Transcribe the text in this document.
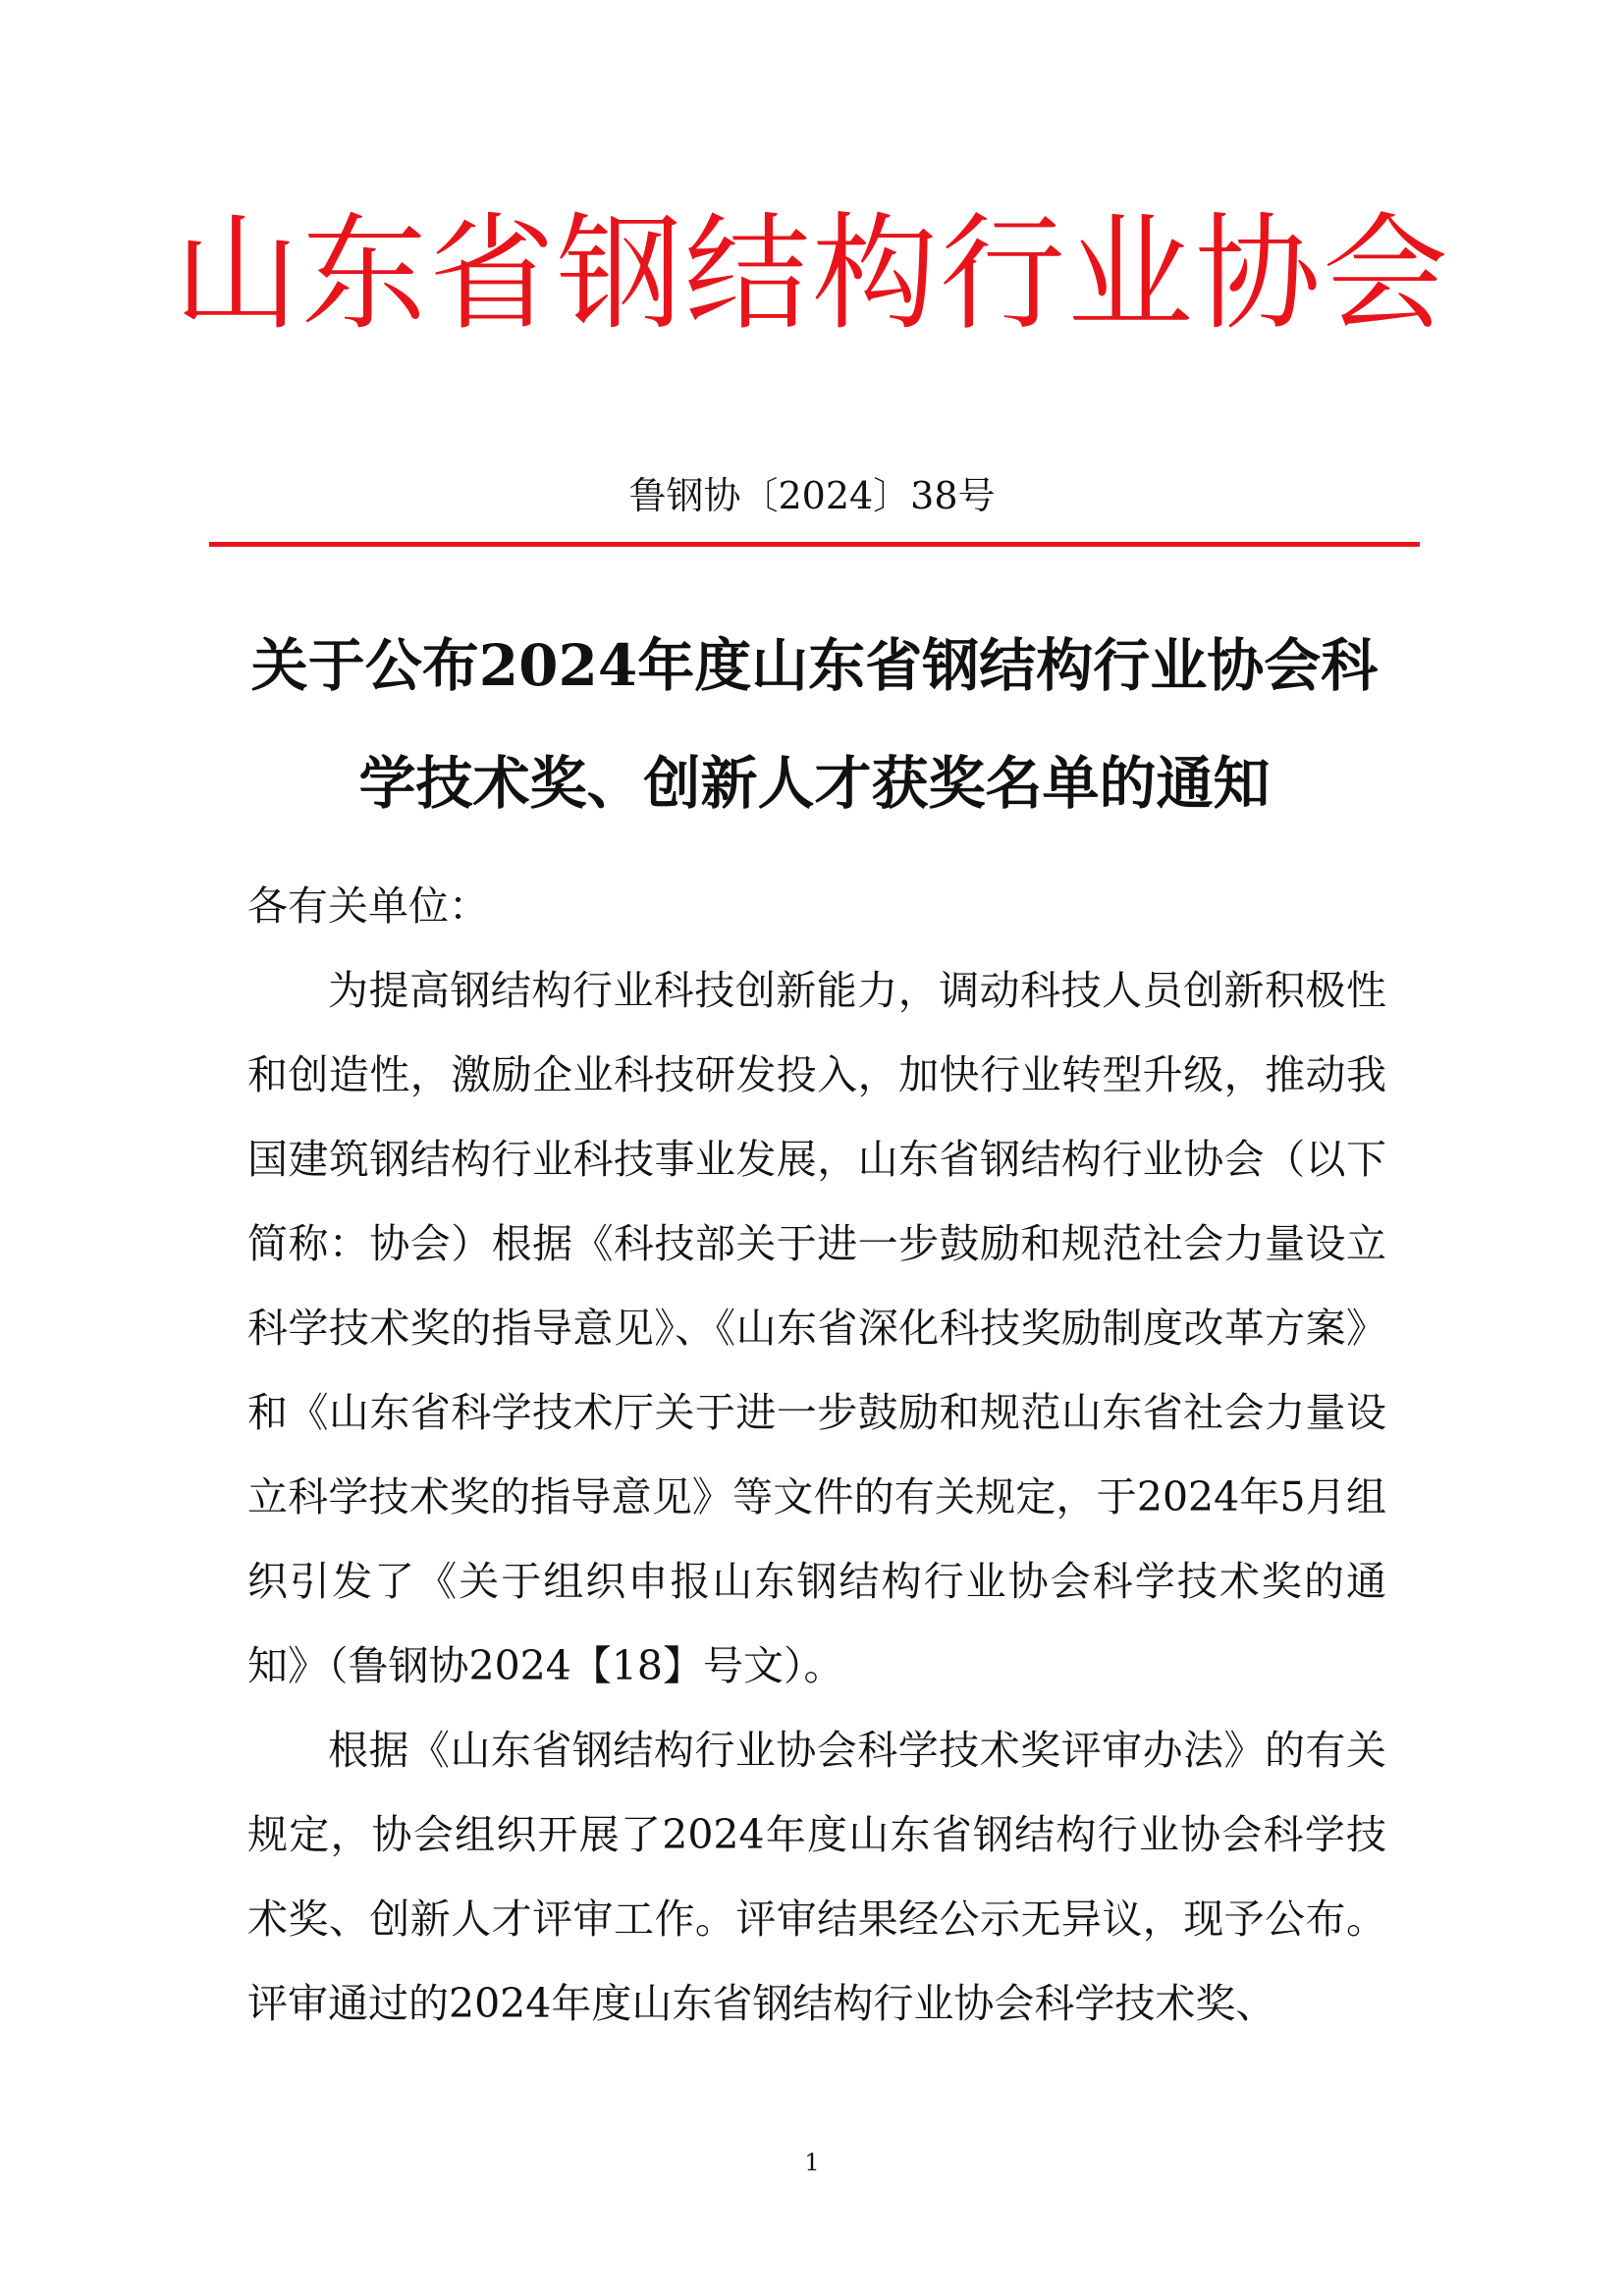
山东省钢结构行业协会
鲁钢协〔2024〕38号
关于公布2024年度山东省钢结构行业协会科
学技术奖、创新人才获奖名单的通知

各有关单位：

为提高钢结构行业科技创新能力，调动科技人员创新积极性和创造性，激励企业科技研发投入，加快行业转型升级，推动我国建筑钢结构行业科技事业发展，山东省钢结构行业协会（以下简称：协会）根据《科技部关于进一步鼓励和规范社会力量设立科学技术奖的指导意见》、《山东省深化科技奖励制度改革方案》和《山东省科学技术厅关于进一步鼓励和规范山东省社会力量设立科学技术奖的指导意见》等文件的有关规定，于2024年5月组织引发了《关于组织申报山东钢结构行业协会科学技术奖的通知》（鲁钢协2024【18】号文）。

根据《山东省钢结构行业协会科学技术奖评审办法》的有关规定，协会组织开展了2024年度山东省钢结构行业协会科学技术奖、创新人才评审工作。评审结果经公示无异议，现予公布。评审通过的2024年度山东省钢结构行业协会科学技术奖、

1
